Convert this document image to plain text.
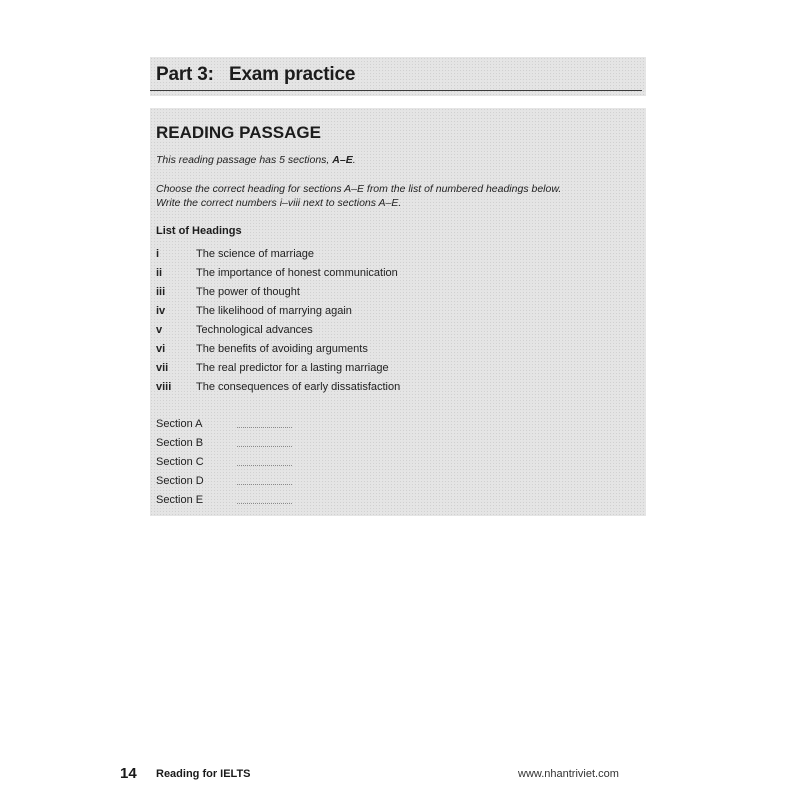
Part 3:   Exam practice
READING PASSAGE
This reading passage has 5 sections, A–E.
Choose the correct heading for sections A–E from the list of numbered headings below.
Write the correct numbers i–viii next to sections A–E.
List of Headings
i	The science of marriage
ii	The importance of honest communication
iii	The power of thought
iv	The likelihood of marrying again
v	Technological advances
vi	The benefits of avoiding arguments
vii	The real predictor for a lasting marriage
viii	The consequences of early dissatisfaction
Section A
Section B
Section C
Section D
Section E
14 Reading for IELTS	www.nhantriviet.com
